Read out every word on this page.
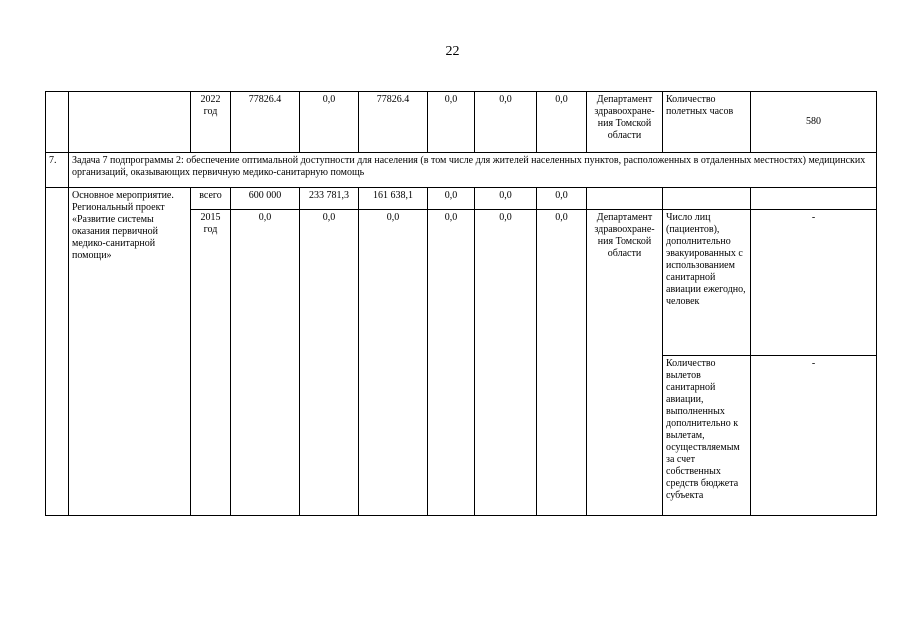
22
		2022 год	77826.4	0,0	77826.4	0,0	0,0	0,0	Департамент здравоохране-ния Томской области	Количество полетных часов	580
7.	Задача 7 подпрограммы 2: обеспечение оптимальной доступности для населения (в том числе для жителей населенных пунктов, расположенных в отдаленных местностях) медицинских организаций, оказывающих первичную медико-санитарную помощь										
	Основное мероприятие. Региональный проект «Развитие системы оказания первичной медико-санитарной помощи»	всего	600 000	233 781,3	161 638,1	0,0	0,0	0,0			
		2015 год	0,0	0,0	0,0	0,0	0,0	0,0	Департамент здравоохране-ния Томской области	Число лиц (пациентов), дополнительно эвакуированных с использованием санитарной авиации ежегодно, человек	-
										Количество вылетов санитарной авиации, выполненных дополнительно к вылетам, осуществляемым за счет собственных средств бюджета субъекта	-
